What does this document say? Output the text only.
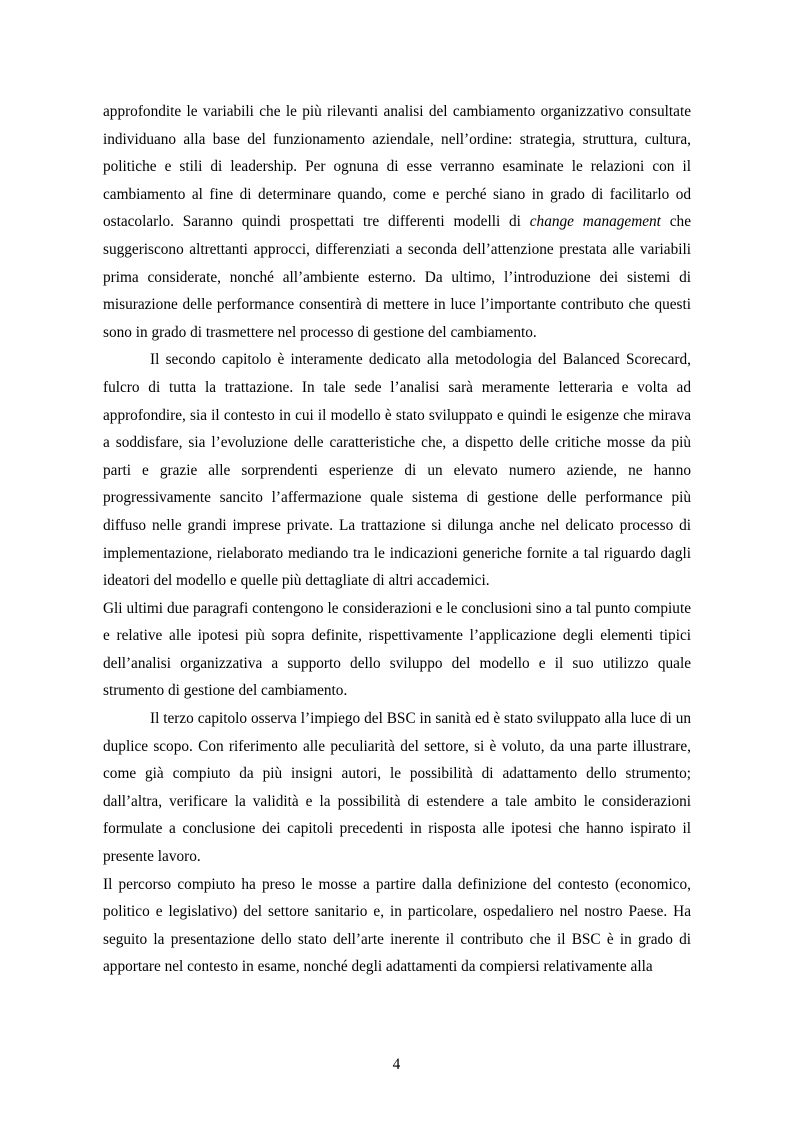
approfondite le variabili che le più rilevanti analisi del cambiamento organizzativo consultate individuano alla base del funzionamento aziendale, nell’ordine: strategia, struttura, cultura, politiche e stili di leadership. Per ognuna di esse verranno esaminate le relazioni con il cambiamento al fine di determinare quando, come e perché siano in grado di facilitarlo od ostacolarlo. Saranno quindi prospettati tre differenti modelli di change management che suggeriscono altrettanti approcci, differenziati a seconda dell’attenzione prestata alle variabili prima considerate, nonché all’ambiente esterno. Da ultimo, l’introduzione dei sistemi di misurazione delle performance consentirà di mettere in luce l’importante contributo che questi sono in grado di trasmettere nel processo di gestione del cambiamento.

Il secondo capitolo è interamente dedicato alla metodologia del Balanced Scorecard, fulcro di tutta la trattazione. In tale sede l’analisi sarà meramente letteraria e volta ad approfondire, sia il contesto in cui il modello è stato sviluppato e quindi le esigenze che mirava a soddisfare, sia l’evoluzione delle caratteristiche che, a dispetto delle critiche mosse da più parti e grazie alle sorprendenti esperienze di un elevato numero aziende, ne hanno progressivamente sancito l’affermazione quale sistema di gestione delle performance più diffuso nelle grandi imprese private. La trattazione si dilunga anche nel delicato processo di implementazione, rielaborato mediando tra le indicazioni generiche fornite a tal riguardo dagli ideatori del modello e quelle più dettagliate di altri accademici.

Gli ultimi due paragrafi contengono le considerazioni e le conclusioni sino a tal punto compiute e relative alle ipotesi più sopra definite, rispettivamente l’applicazione degli elementi tipici dell’analisi organizzativa a supporto dello sviluppo del modello e il suo utilizzo quale strumento di gestione del cambiamento.

Il terzo capitolo osserva l’impiego del BSC in sanità ed è stato sviluppato alla luce di un duplice scopo. Con riferimento alle peculiarità del settore, si è voluto, da una parte illustrare, come già compiuto da più insigni autori, le possibilità di adattamento dello strumento; dall’altra, verificare la validità e la possibilità di estendere a tale ambito le considerazioni formulate a conclusione dei capitoli precedenti in risposta alle ipotesi che hanno ispirato il presente lavoro.

Il percorso compiuto ha preso le mosse a partire dalla definizione del contesto (economico, politico e legislativo) del settore sanitario e, in particolare, ospedaliero nel nostro Paese. Ha seguito la presentazione dello stato dell’arte inerente il contributo che il BSC è in grado di apportare nel contesto in esame, nonché degli adattamenti da compiersi relativamente alla

4
